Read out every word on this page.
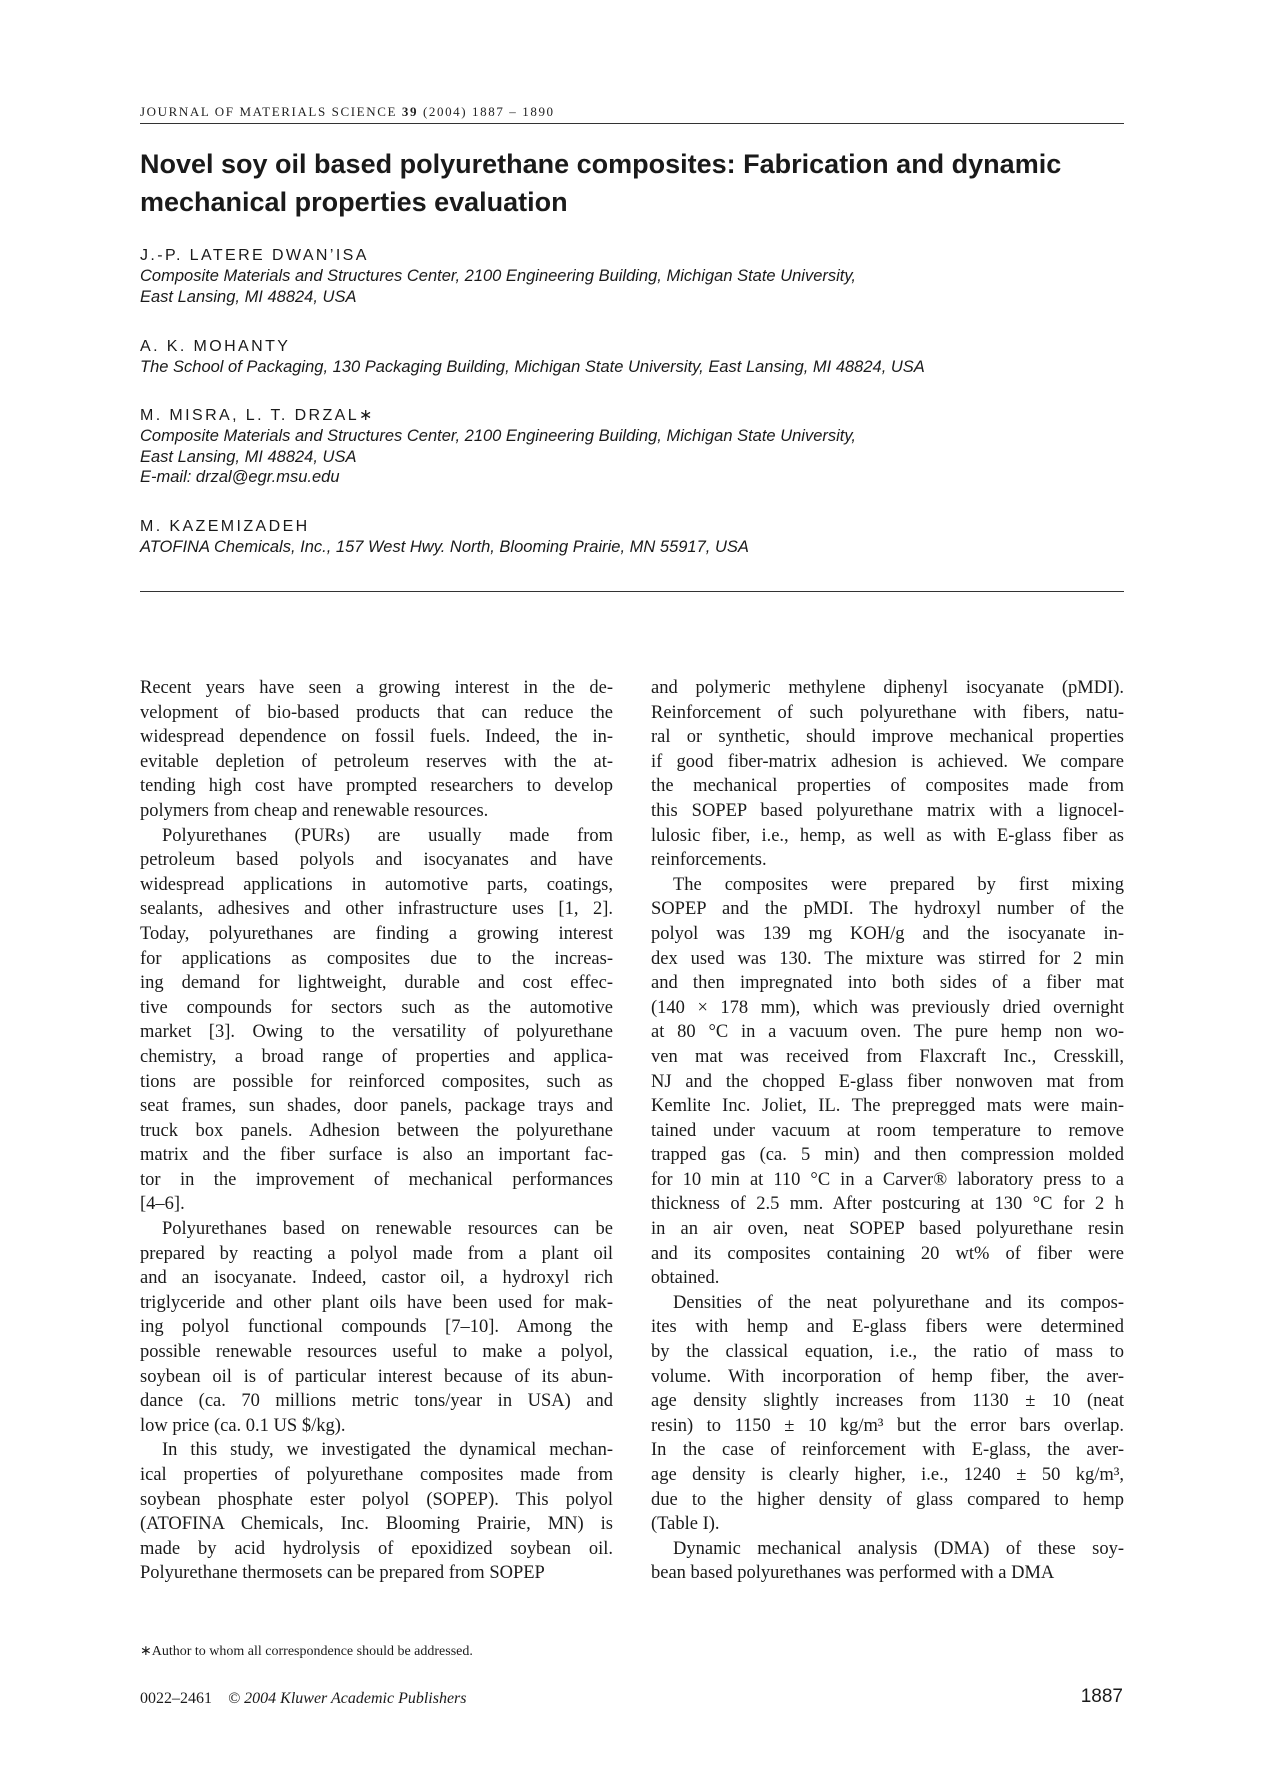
JOURNAL OF MATERIALS SCIENCE 39 (2004) 1887 – 1890
Novel soy oil based polyurethane composites: Fabrication and dynamic
mechanical properties evaluation
J.-P. LATERE DWAN’ISA
Composite Materials and Structures Center, 2100 Engineering Building, Michigan State University,
East Lansing, MI 48824, USA
A. K. MOHANTY
The School of Packaging, 130 Packaging Building, Michigan State University, East Lansing, MI 48824, USA
M. MISRA, L. T. DRZAL∗
Composite Materials and Structures Center, 2100 Engineering Building, Michigan State University,
East Lansing, MI 48824, USA
E-mail: drzal@egr.msu.edu
M. KAZEMIZADEH
ATOFINA Chemicals, Inc., 157 West Hwy. North, Blooming Prairie, MN 55917, USA
Recent years have seen a growing interest in the de-
velopment of bio-based products that can reduce the
widespread dependence on fossil fuels. Indeed, the in-
evitable depletion of petroleum reserves with the at-
tending high cost have prompted researchers to develop
polymers from cheap and renewable resources.
Polyurethanes (PURs) are usually made from
petroleum based polyols and isocyanates and have
widespread applications in automotive parts, coatings,
sealants, adhesives and other infrastructure uses [1, 2].
Today, polyurethanes are finding a growing interest
for applications as composites due to the increas-
ing demand for lightweight, durable and cost effec-
tive compounds for sectors such as the automotive
market [3]. Owing to the versatility of polyurethane
chemistry, a broad range of properties and applica-
tions are possible for reinforced composites, such as
seat frames, sun shades, door panels, package trays and
truck box panels. Adhesion between the polyurethane
matrix and the fiber surface is also an important fac-
tor in the improvement of mechanical performances
[4–6].
Polyurethanes based on renewable resources can be
prepared by reacting a polyol made from a plant oil
and an isocyanate. Indeed, castor oil, a hydroxyl rich
triglyceride and other plant oils have been used for mak-
ing polyol functional compounds [7–10]. Among the
possible renewable resources useful to make a polyol,
soybean oil is of particular interest because of its abun-
dance (ca. 70 millions metric tons/year in USA) and
low price (ca. 0.1 US $/kg).
In this study, we investigated the dynamical mechan-
ical properties of polyurethane composites made from
soybean phosphate ester polyol (SOPEP). This polyol
(ATOFINA Chemicals, Inc. Blooming Prairie, MN) is
made by acid hydrolysis of epoxidized soybean oil.
Polyurethane thermosets can be prepared from SOPEP
and polymeric methylene diphenyl isocyanate (pMDI).
Reinforcement of such polyurethane with fibers, natu-
ral or synthetic, should improve mechanical properties
if good fiber-matrix adhesion is achieved. We compare
the mechanical properties of composites made from
this SOPEP based polyurethane matrix with a lignocel-
lulosic fiber, i.e., hemp, as well as with E-glass fiber as
reinforcements.
The composites were prepared by first mixing
SOPEP and the pMDI. The hydroxyl number of the
polyol was 139 mg KOH/g and the isocyanate in-
dex used was 130. The mixture was stirred for 2 min
and then impregnated into both sides of a fiber mat
(140 × 178 mm), which was previously dried overnight
at 80 °C in a vacuum oven. The pure hemp non wo-
ven mat was received from Flaxcraft Inc., Cresskill,
NJ and the chopped E-glass fiber nonwoven mat from
Kemlite Inc. Joliet, IL. The prepregged mats were main-
tained under vacuum at room temperature to remove
trapped gas (ca. 5 min) and then compression molded
for 10 min at 110 °C in a Carver® laboratory press to a
thickness of 2.5 mm. After postcuring at 130 °C for 2 h
in an air oven, neat SOPEP based polyurethane resin
and its composites containing 20 wt% of fiber were
obtained.
Densities of the neat polyurethane and its compos-
ites with hemp and E-glass fibers were determined
by the classical equation, i.e., the ratio of mass to
volume. With incorporation of hemp fiber, the aver-
age density slightly increases from 1130 ± 10 (neat
resin) to 1150 ± 10 kg/m³ but the error bars overlap.
In the case of reinforcement with E-glass, the aver-
age density is clearly higher, i.e., 1240 ± 50 kg/m³,
due to the higher density of glass compared to hemp
(Table I).
Dynamic mechanical analysis (DMA) of these soy-
bean based polyurethanes was performed with a DMA
∗Author to whom all correspondence should be addressed.
0022–2461 © 2004 Kluwer Academic Publishers	1887
